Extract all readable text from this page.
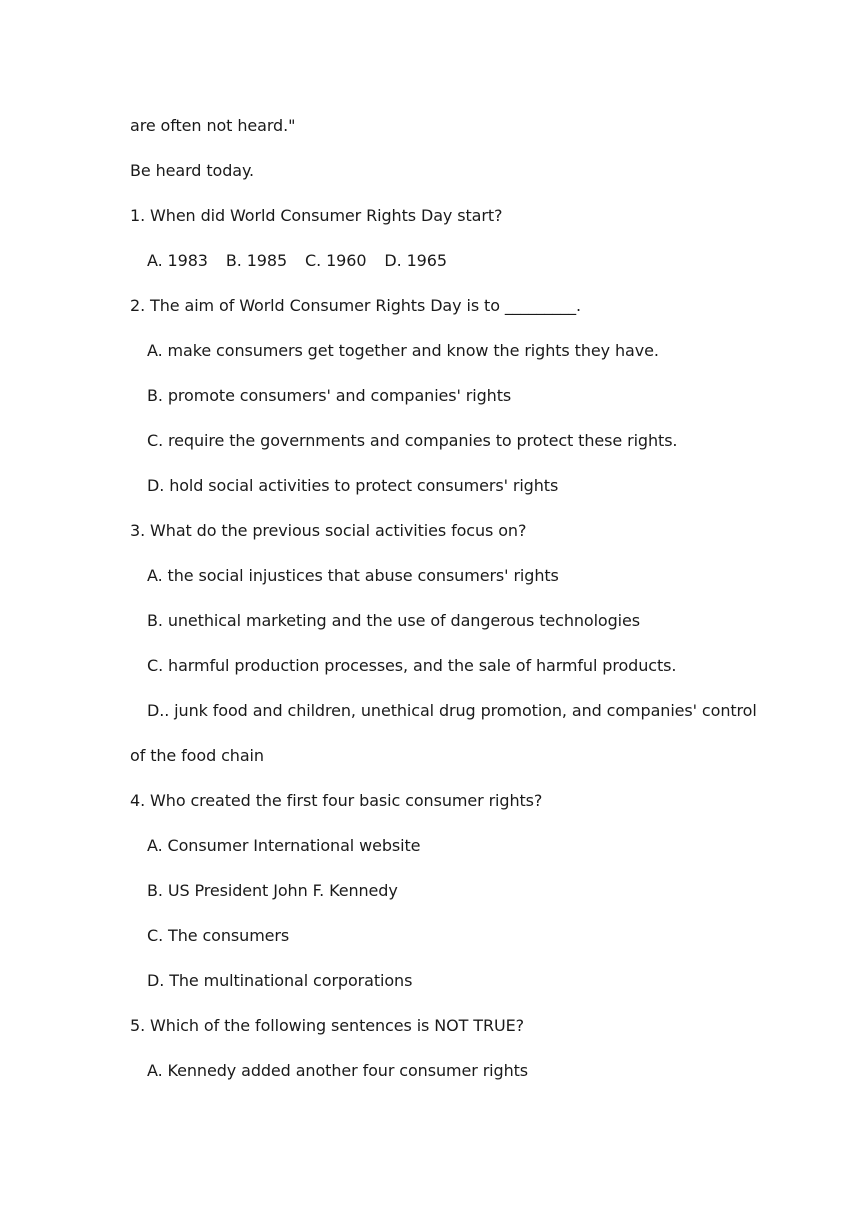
are often not heard."
Be heard today.
1. When did World Consumer Rights Day start?
A. 1983 B. 1985 C. 1960 D. 1965
2. The aim of World Consumer Rights Day is to _________.
A. make consumers get together and know the rights they have.
B. promote consumers' and companies' rights
C. require the governments and companies to protect these rights.
D. hold social activities to protect consumers' rights
3. What do the previous social activities focus on?
A. the social injustices that abuse consumers' rights
B. unethical marketing and the use of dangerous technologies
C. harmful production processes, and the sale of harmful products.
D.. junk food and children, unethical drug promotion, and companies' control
of the food chain
4. Who created the first four basic consumer rights?
A. Consumer International website
B. US President John F. Kennedy
C. The consumers
D. The multinational corporations
5. Which of the following sentences is NOT TRUE?
A. Kennedy added another four consumer rights
